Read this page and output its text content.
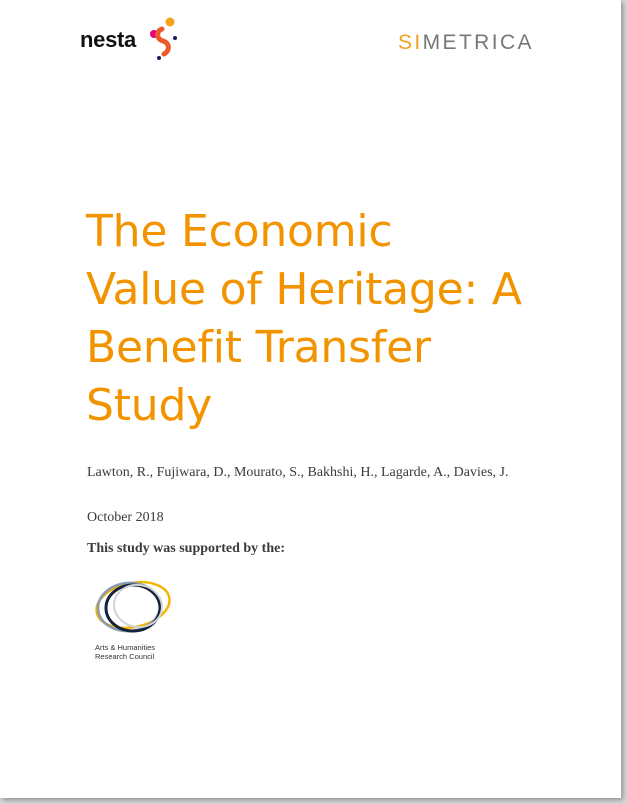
nesta	SIMETRICA
The Economic
Value of Heritage: A
Benefit Transfer
Study
Lawton, R., Fujiwara, D., Mourato, S., Bakhshi, H., Lagarde, A., Davies, J.
October 2018
This study was supported by the:
Arts & Humanities
Research Council
